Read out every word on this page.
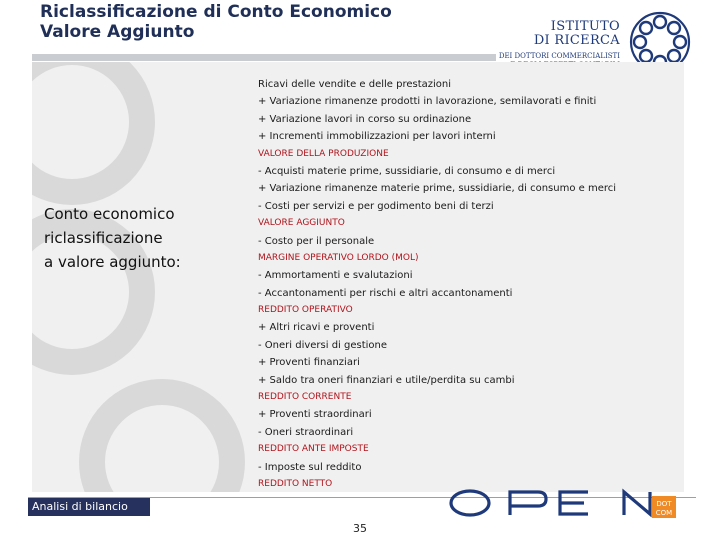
Riclassificazione di Conto Economico
Valore Aggiunto	ISTITUTO
DI RICERCA
DEI DOTTORI COMMERCIALISTI
Conto economico
riclassificazione
a valore aggiunto:
Ricavi delle vendite e delle prestazioni
+ Variazione rimanenze prodotti in lavorazione, semilavorati e finiti
+ Variazione lavori in corso su ordinazione
+ Incrementi immobilizzazioni per lavori interni
VALORE DELLA PRODUZIONE
- Acquisti materie prime, sussidiarie, di consumo e di merci
+ Variazione rimanenze materie prime, sussidiarie, di consumo e merci
- Costi per servizi e per godimento beni di terzi
VALORE AGGIUNTO
- Costo per il personale
MARGINE OPERATIVO LORDO (MOL)
- Ammortamenti e svalutazioni
- Accantonamenti per rischi e altri accantonamenti
REDDITO OPERATIVO
+ Altri ricavi e proventi
- Oneri diversi di gestione
+ Proventi finanziari
+ Saldo tra oneri finanziari e utile/perdita su cambi
REDDITO CORRENTE
+ Proventi straordinari
- Oneri straordinari
REDDITO ANTE IMPOSTE
- Imposte sul reddito
REDDITO NETTO
Analisi di bilancio	DOT
COM
35
